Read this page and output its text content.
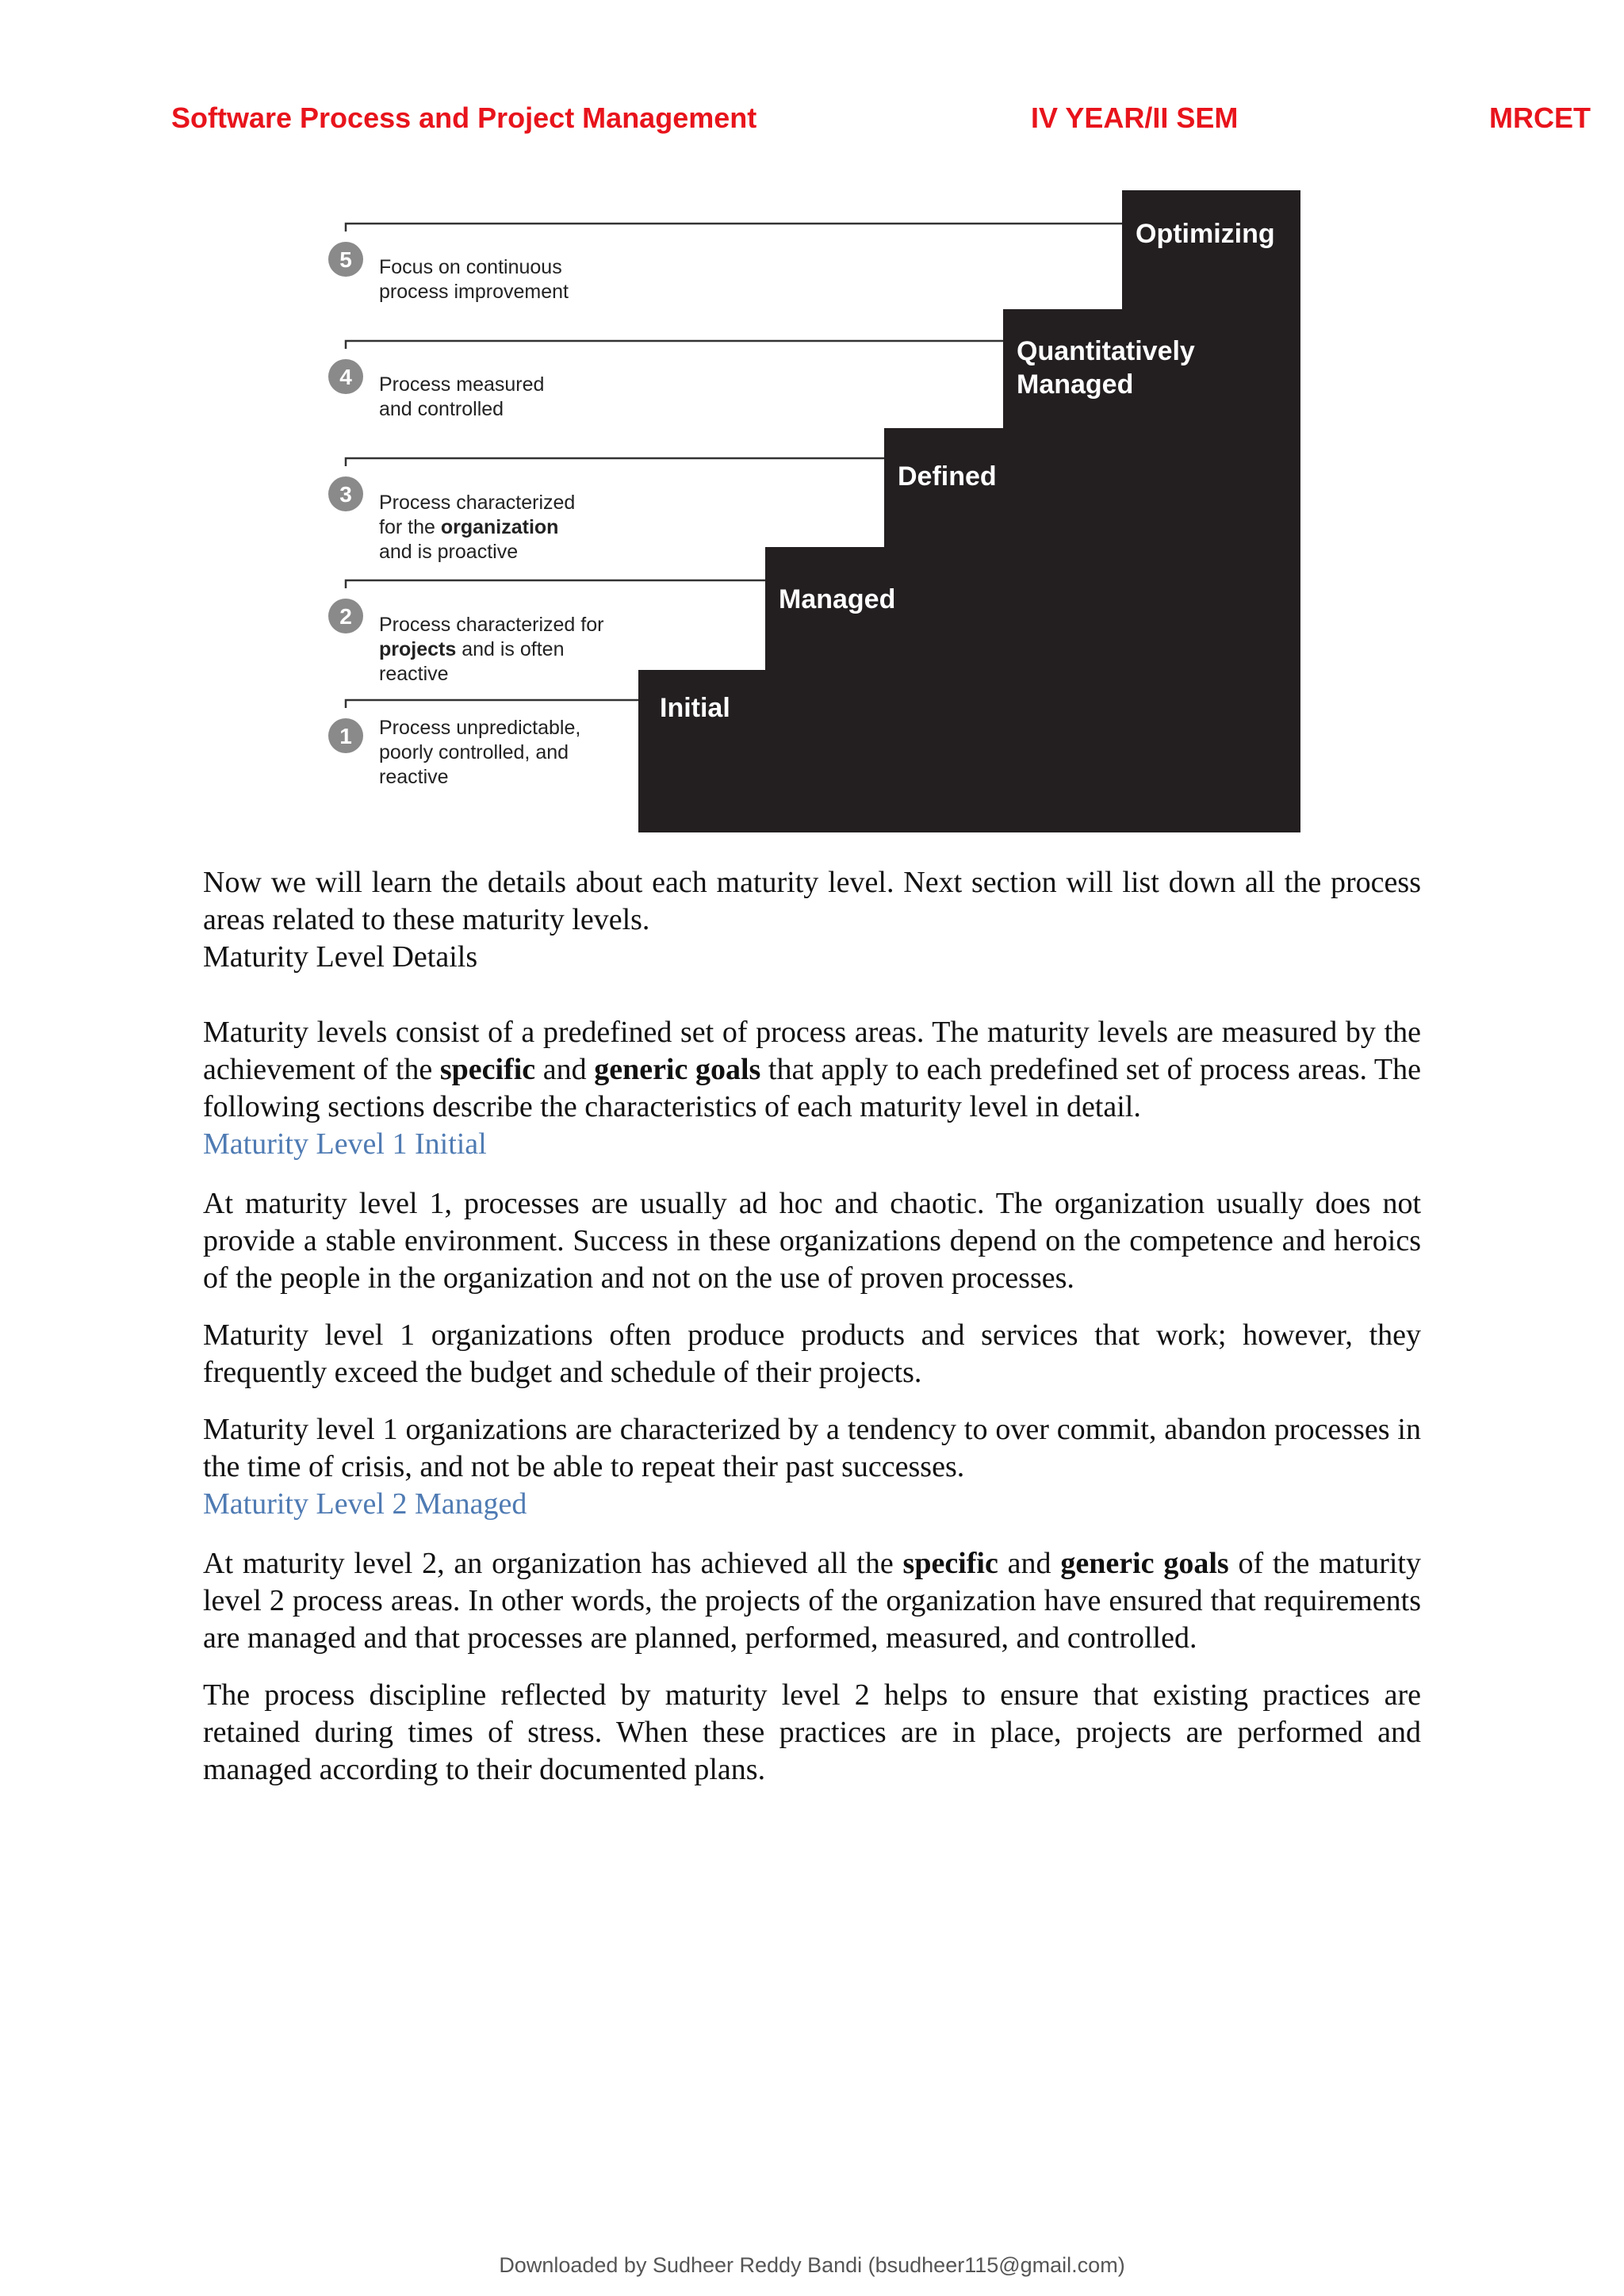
Software Process and Project Management	IV YEAR/II SEM	MRCET
5
4
3
2
1
Focus on continuous
process improvement
Process measured
and controlled
Process characterized
for the organization
and is proactive
Process characterized for
projects and is often
reactive
Process unpredictable,
poorly controlled, and
reactive
Optimizing
Quantitatively
Managed
Defined
Managed
Initial

Now we will learn the details about each maturity level. Next section will list down all the process areas related to these maturity levels.

Maturity Level Details

Maturity levels consist of a predefined set of process areas. The maturity levels are measured by the achievement of the specific and generic goals that apply to each predefined set of process areas. The following sections describe the characteristics of each maturity level in detail.

Maturity Level 1 Initial

At maturity level 1, processes are usually ad hoc and chaotic. The organization usually does not provide a stable environment. Success in these organizations depend on the competence and heroics of the people in the organization and not on the use of proven processes.

Maturity level 1 organizations often produce products and services that work; however, they frequently exceed the budget and schedule of their projects.

Maturity level 1 organizations are characterized by a tendency to over commit, abandon processes in the time of crisis, and not be able to repeat their past successes.

Maturity Level 2 Managed

At maturity level 2, an organization has achieved all the specific and generic goals of the maturity level 2 process areas. In other words, the projects of the organization have ensured that requirements are managed and that processes are planned, performed, measured, and controlled.

The process discipline reflected by maturity level 2 helps to ensure that existing practices are retained during times of stress. When these practices are in place, projects are performed and managed according to their documented plans.

Downloaded by Sudheer Reddy Bandi (bsudheer115@gmail.com)
